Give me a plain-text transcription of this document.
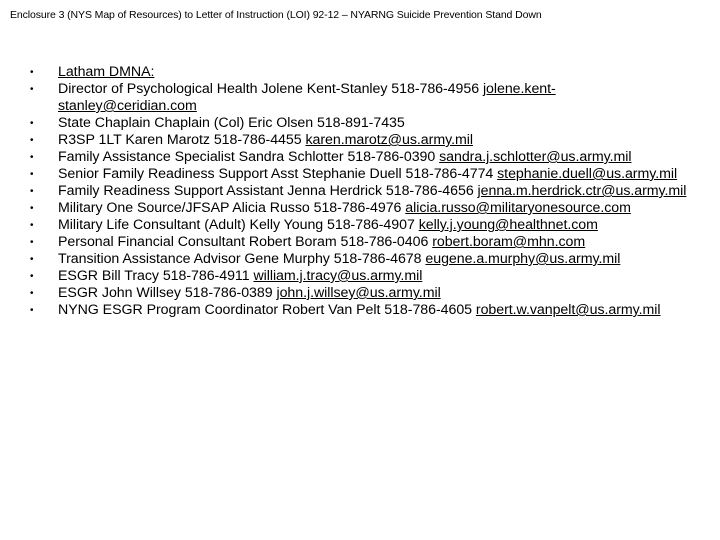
Enclosure 3 (NYS Map of Resources) to Letter of Instruction (LOI) 92-12 – NYARNG Suicide Prevention Stand Down
• Latham DMNA:
• Director of Psychological Health Jolene Kent-Stanley 518-786-4956 jolene.kent-stanley@ceridian.com
• State Chaplain Chaplain (Col) Eric Olsen 518-891-7435
• R3SP 1LT Karen Marotz 518-786-4455 karen.marotz@us.army.mil
• Family Assistance Specialist Sandra Schlotter 518-786-0390 sandra.j.schlotter@us.army.mil
• Senior Family Readiness Support Asst Stephanie Duell 518-786-4774 stephanie.duell@us.army.mil
• Family Readiness Support Assistant Jenna Herdrick 518-786-4656 jenna.m.herdrick.ctr@us.army.mil
• Military One Source/JFSAP Alicia Russo 518-786-4976 alicia.russo@militaryonesource.com
• Military Life Consultant (Adult) Kelly Young 518-786-4907 kelly.j.young@healthnet.com
• Personal Financial Consultant Robert Boram 518-786-0406 robert.boram@mhn.com
• Transition Assistance Advisor Gene Murphy 518-786-4678 eugene.a.murphy@us.army.mil
• ESGR Bill Tracy 518-786-4911 william.j.tracy@us.army.mil
• ESGR John Willsey 518-786-0389 john.j.willsey@us.army.mil
• NYNG ESGR Program Coordinator Robert Van Pelt 518-786-4605 robert.w.vanpelt@us.army.mil
